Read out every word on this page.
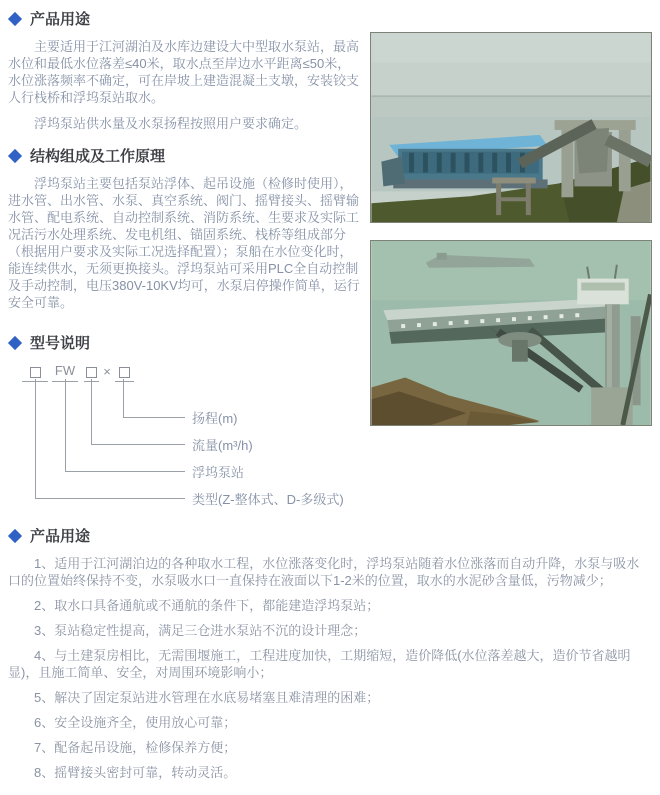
产品用途

主要适用于江河湖泊及水库边建设大中型取水泵站，最高水位和最低水位落差≤40米，取水点至岸边水平距离≤50米，水位涨落频率不确定，可在岸坡上建造混凝土支墩，安装铰支人行栈桥和浮坞泵站取水。

浮坞泵站供水量及水泵扬程按照用户要求确定。

结构组成及工作原理

浮坞泵站主要包括泵站浮体、起吊设施（检修时使用），进水管、出水管、水泵、真空系统、阀门、摇臂接头、摇臂输水管、配电系统、自动控制系统、消防系统、生要求及实际工况活污水处理系统、发电机组、锚固系统、栈桥等组成部分（根据用户要求及实际工况选择配置）；泵船在水位变化时，能连续供水，无须更换接头。浮坞泵站可采用PLC全自动控制及手动控制，电压380V-10KV均可，水泵启停操作简单，运行安全可靠。

型号说明
FW	×
扬程(m)
流量(m³/h)
浮坞泵站
类型(Z-整体式、D-多级式)
产品用途

1、适用于江河湖泊边的各种取水工程，水位涨落变化时，浮坞泵站随着水位涨落而自动升降，水泵与吸水口的位置始终保持不变，水泵吸水口一直保持在液面以下1-2米的位置，取水的水泥砂含量低，污物减少；

2、取水口具备通航或不通航的条件下，都能建造浮坞泵站；

3、泵站稳定性提高，满足三仓进水泵站不沉的设计理念；

4、与土建泵房相比，无需围堰施工，工程进度加快，工期缩短，造价降低(水位落差越大，造价节省越明显)，且施工简单、安全，对周围环境影响小；

5、解决了固定泵站进水管理在水底易堵塞且难清理的困难；

6、安全设施齐全，使用放心可靠；

7、配备起吊设施，检修保养方便；

8、摇臂接头密封可靠，转动灵活。
